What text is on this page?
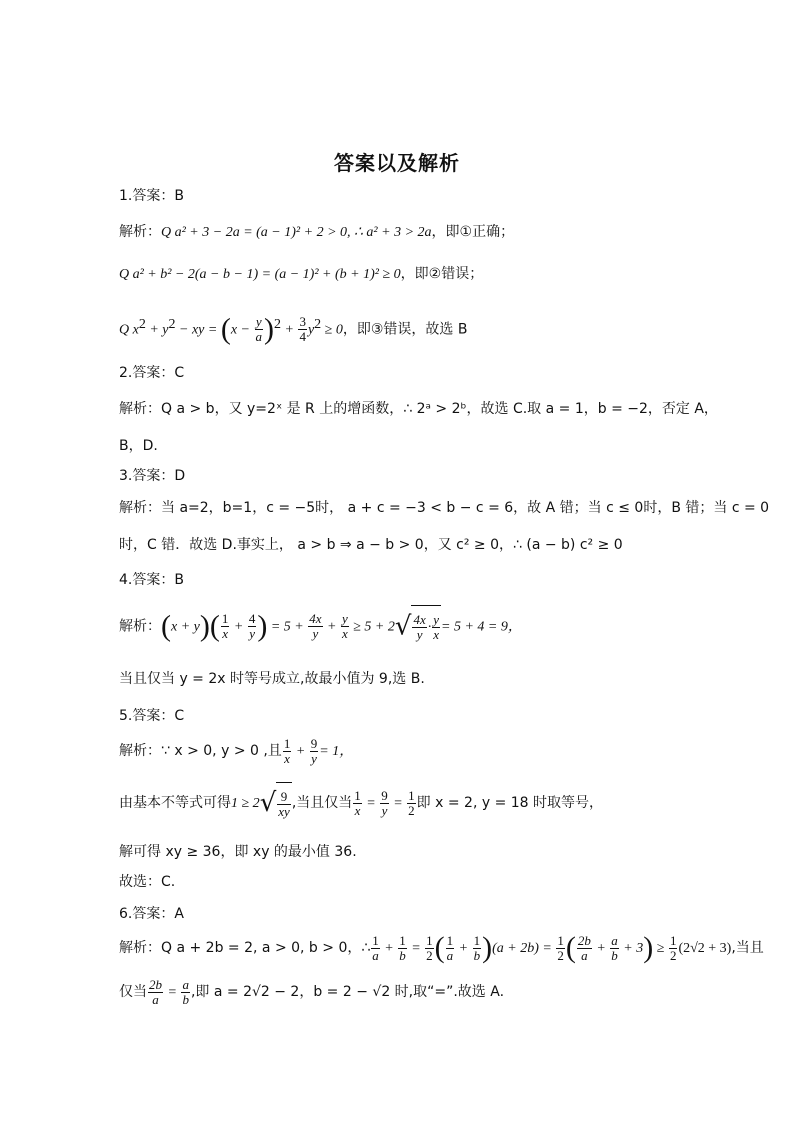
答案以及解析
1.答案：B
解析：Q a² + 3 − 2a = (a − 1)² + 2 > 0, ∴ a² + 3 > 2a，即①正确；
Q a² + b² − 2(a − b − 1) = (a − 1)² + (b + 1)² ≥ 0，即②错误；
Q $x^2 + y^2$ − xy = $(x - \frac{y}{a} )^2 + \frac{3}{4} y^2 \ge 0$，即③错误，故选 B
2.答案：C
解析：Q a > b，又 y=2ˣ 是 R 上的增函数，∴ 2ᵃ > 2ᵇ，故选 C.取 a = 1，b = −2，否定 A，
B，D.
3.答案：D
解析：当 a=2，b=1，c = −5时， a + c = −3 < b − c = 6，故 A 错；当 c ≤ 0时，B 错；当 c = 0
时，C 错．故选 D.事实上， a > b ⇒ a − b > 0，又 c² ≥ 0，∴ (a − b) c² ≥ 0
4.答案：B
解析：$(x + y)( \frac{1}{x} + \frac{4}{y}$ ) = $5 + \frac{4x}{y} + \frac{y}{x} \ge 5 + 2√ \frac{4x}{y} \cdot \frac{y}{x} = 5 + 4 = 9$，
当且仅当 y = 2x 时等号成立,故最小值为 9,选 B.
5.答案：C
解析：∵ x > 0, y > 0 ,且 $\frac{1}{x} + \frac{9}{y} = 1$，
由基本不等式可得$1 \ge 2√ \frac{9}{xy}$ ,当且仅当 $\frac{1}{x} = \frac{9}{y} = \frac{1}{2}$ 即 x = 2, y = 18 时取等号，
解可得 xy ≥ 36，即 xy 的最小值 36.
故选：C.
6.答案：A
解析：Q a + 2b = 2, a > 0, b > 0，∴ $\frac{1}{a} + \frac{1}{b} = \frac{1}{2}$ ( $\frac{1}{a} + \frac{1}{b} )(a + 2b) = \frac{1}{2}$ ( $\frac{2b}{a} + \frac{a}{b} + 3) \ge \frac{1}{2} (2√2 + 3)$,当且
仅当 $\frac{2b}{a} = \frac{a}{b}$ ,即 a = 2√2 − 2，b = 2 − √2 时,取“=”.故选 A.
